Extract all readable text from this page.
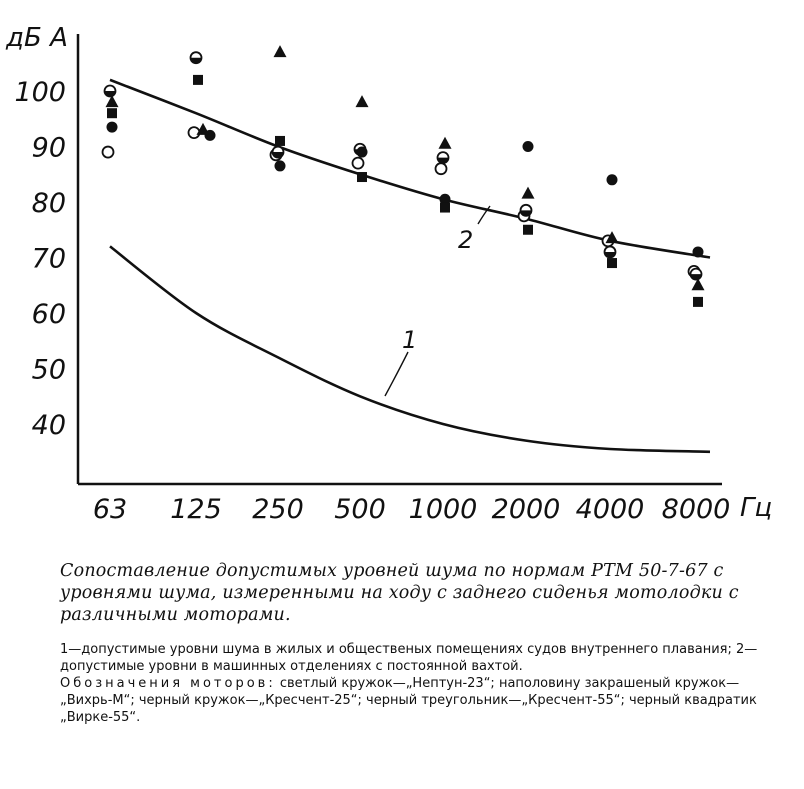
дБ А
Гц
40
50
60
70
80
90
100
63 125 250 500 1000 2000 4000 8000
1
2
Сопоставление допустимых уровней шума по нормам РТМ 50-7-67 с уровнями шума, измеренными на ходу с заднего сиденья мотолодки с различными моторами.

1—допустимые уровни шума в жилых и общественых помещениях судов внутреннего плавания; 2—допустимые уровни в машинных отделениях с постоянной вахтой.

Обозначения моторов: светлый кружок—„Нептун-23“; наполовину закрашеный кружок—„Вихрь-М“; черный кружок—„Кресчент-25“; черный треугольник—„Кресчент-55“; черный квадратик „Вирке-55“.
